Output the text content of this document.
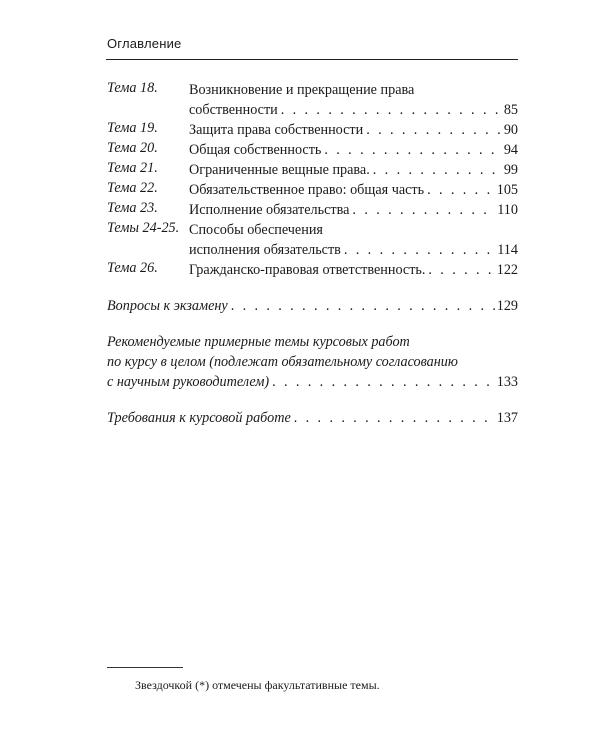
Оглавление
Тема 18. Возникновение и прекращение права
собственности . . .	85
Тема 19. Защита права собственности . . .	90
Тема 20. Общая собственность . . .	94
Тема 21. Ограниченные вещные права. . . .	99
Тема 22. Обязательственное право: общая часть . . .	105
Тема 23. Исполнение обязательства . . .	110
Темы 24-25. Способы обеспечения
исполнения обязательств . . .	114
Тема 26. Гражданско-правовая ответственность. . . .	122
Вопросы к экзамену . . .	129
Рекомендуемые примерные темы курсовых работ
по курсу в целом (подлежат обязательному согласованию
с научным руководителем) . . .	133
Требования к курсовой работе . . .	137
Звездочкой (*) отмечены факультативные темы.
